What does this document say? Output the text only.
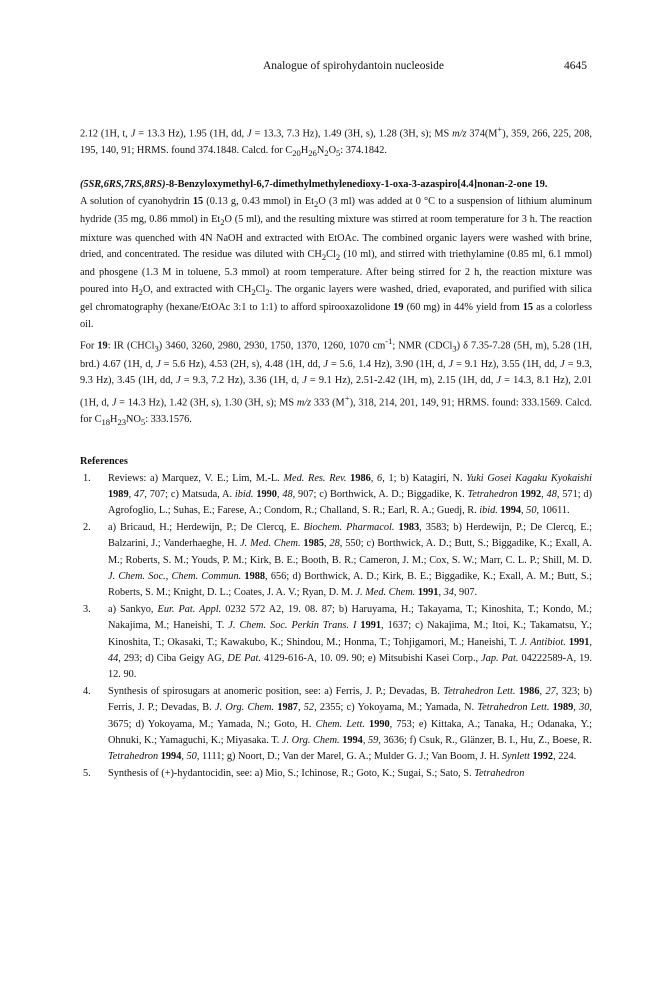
Analogue of spirohydantoin nucleoside	4645

2.12 (1H, t, J = 13.3 Hz), 1.95 (1H, dd, J = 13.3, 7.3 Hz), 1.49 (3H, s), 1.28 (3H, s); MS m/z 374(M+), 359, 266, 225, 208, 195, 140, 91; HRMS. found 374.1848. Calcd. for $C_{20}H_{26}N_2O_5$: 374.1842.

(5SR,6RS,7RS,8RS)-8-Benzyloxymethyl-6,7-dimethylmethylenedioxy-1-oxa-3-azaspiro[4.4]nonan-2-one 19.

A solution of cyanohydrin 15 (0.13 g, 0.43 mmol) in $Et_2O$ (3 ml) was added at 0 °C to a suspension of lithium aluminum hydride (35 mg, 0.86 mmol) in $Et_2O$ (5 ml), and the resulting mixture was stirred at room temperature for 3 h. The reaction mixture was quenched with 4N NaOH and extracted with EtOAc. The combined organic layers were washed with brine, dried, and concentrated. The residue was diluted with $CH_2Cl_2$ (10 ml), and stirred with triethylamine (0.85 ml, 6.1 mmol) and phosgene (1.3 M in toluene, 5.3 mmol) at room temperature. After being stirred for 2 h, the reaction mixture was poured into $H_2O$, and extracted with $CH_2Cl_2$. The organic layers were washed, dried, evaporated, and purified with silica gel chromatography (hexane/EtOAc 3:1 to 1:1) to afford spirooxazolidone 19 (60 mg) in 44% yield from 15 as a colorless oil.

For 19: IR (CHCl$_3$) 3460, 3260, 2980, 2930, 1750, 1370, 1260, 1070 $cm^{-1}$; NMR (CDCl$_3$) δ 7.35-7.28 (5H, m), 5.28 (1H, brd.) 4.67 (1H, d, J = 5.6 Hz), 4.53 (2H, s), 4.48 (1H, dd, J = 5.6, 1.4 Hz), 3.90 (1H, d, J = 9.1 Hz), 3.55 (1H, dd, J = 9.3, 9.3 Hz), 3.45 (1H, dd, J = 9.3, 7.2 Hz), 3.36 (1H, d, J = 9.1 Hz), 2.51-2.42 (1H, m), 2.15 (1H, dd, J = 14.3, 8.1 Hz), 2.01 (1H, d, J = 14.3 Hz), 1.42 (3H, s), 1.30 (3H, s); MS m/z 333 (M+), 318, 214, 201, 149, 91; HRMS. found: 333.1569. Calcd. for $C_{18}H_{23}NO_5$: 333.1576.

References

1. Reviews: a) Marquez, V. E.; Lim, M.-L. Med. Res. Rev. 1986, 6, 1; b) Katagiri, N. Yuki Gosei Kagaku Kyokaishi 1989, 47, 707; c) Matsuda, A. ibid. 1990, 48, 907; c) Borthwick, A. D.; Biggadike, K. Tetrahedron 1992, 48, 571; d) Agrofoglio, L.; Suhas, E.; Farese, A.; Condom, R.; Challand, S. R.; Earl, R. A.; Guedj, R. ibid. 1994, 50, 10611.
2. a) Bricaud, H.; Herdewijn, P.; De Clercq, E. Biochem. Pharmacol. 1983, 3583; b) Herdewijn, P.; De Clercq, E.; Balzarini, J.; Vanderhaeghe, H. J. Med. Chem. 1985, 28, 550; c) Borthwick, A. D.; Butt, S.; Biggadike, K.; Exall, A. M.; Roberts, S. M.; Youds, P. M.; Kirk, B. E.; Booth, B. R.; Cameron, J. M.; Cox, S. W.; Marr, C. L. P.; Shill, M. D. J. Chem. Soc., Chem. Commun. 1988, 656; d) Borthwick, A. D.; Kirk, B. E.; Biggadike, K.; Exall, A. M.; Butt, S.; Roberts, S. M.; Knight, D. L.; Coates, J. A. V.; Ryan, D. M. J. Med. Chem. 1991, 34, 907.
3. a) Sankyo, Eur. Pat. Appl. 0232 572 A2, 19. 08. 87; b) Haruyama, H.; Takayama, T.; Kinoshita, T.; Kondo, M.; Nakajima, M.; Haneishi, T. J. Chem. Soc. Perkin Trans. I 1991, 1637; c) Nakajima, M.; Itoi, K.; Takamatsu, Y.; Kinoshita, T.; Okasaki, T.; Kawakubo, K.; Shindou, M.; Honma, T.; Tohjigamori, M.; Haneishi, T. J. Antibiot. 1991, 44, 293; d) Ciba Geigy AG, DE Pat. 4129-616-A, 10. 09. 90; e) Mitsubishi Kasei Corp., Jap. Pat. 04222589-A, 19. 12. 90.
4. Synthesis of spirosugars at anomeric position, see: a) Ferris, J. P.; Devadas, B. Tetrahedron Lett. 1986, 27, 323; b) Ferris, J. P.; Devadas, B. J. Org. Chem. 1987, 52, 2355; c) Yokoyama, M.; Yamada, N. Tetrahedron Lett. 1989, 30, 3675; d) Yokoyama, M.; Yamada, N.; Goto, H. Chem. Lett. 1990, 753; e) Kittaka, A.; Tanaka, H.; Odanaka, Y.; Ohnuki, K.; Yamaguchi, K.; Miyasaka. T. J. Org. Chem. 1994, 59, 3636; f) Csuk, R., Glänzer, B. I., Hu, Z., Boese, R. Tetrahedron 1994, 50, 1111; g) Noort, D.; Van der Marel, G. A.; Mulder G. J.; Van Boom, J. H. Synlett 1992, 224.
5. Synthesis of (+)-hydantocidin, see: a) Mio, S.; Ichinose, R.; Goto, K.; Sugai, S.; Sato, S. Tetrahedron
